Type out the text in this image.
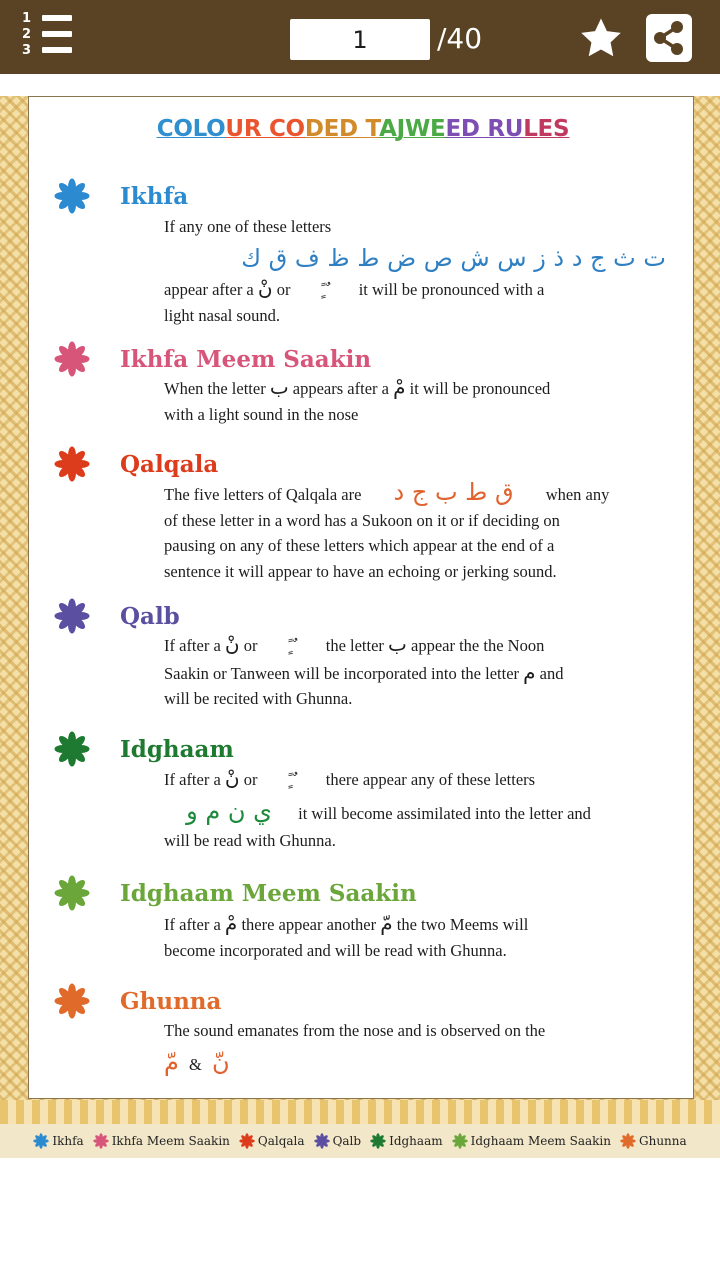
1
2
3
1	/40
COLOUR CODED TAJWEED RULES
Ikhfa
If any one of these letters
ت ث ج د ذ ز س ش ص ض ط ظ ف ق ك
appear after a نْ or ً ٍ ٌ it will be pronounced with a
light nasal sound.
Ikhfa Meem Saakin
When the letter ب appears after a مْ it will be pronounced
with a light sound in the nose
Qalqala
The five letters of Qalqala are ق ط ب ج د when any
of these letter in a word has a Sukoon on it or if deciding on
pausing on any of these letters which appear at the end of a
sentence it will appear to have an echoing or jerking sound.
Qalb
If after a نْ or ً ٍ ٌ the letter ب appear the the Noon
Saakin or Tanween will be incorporated into the letter م and
will be recited with Ghunna.
Idghaam
If after a نْ or ً ٍ ٌ there appear any of these letters
ي ن م و it will become assimilated into the letter and
will be read with Ghunna.
Idghaam Meem Saakin
If after a مْ there appear another مّ the two Meems will
become incorporated and will be read with Ghunna.
Ghunna
The sound emanates from the nose and is observed on the
نّ & مّ
Ikhfa Ikhfa Meem Saakin Qalqala Qalb Idghaam Idghaam Meem Saakin Ghunna
